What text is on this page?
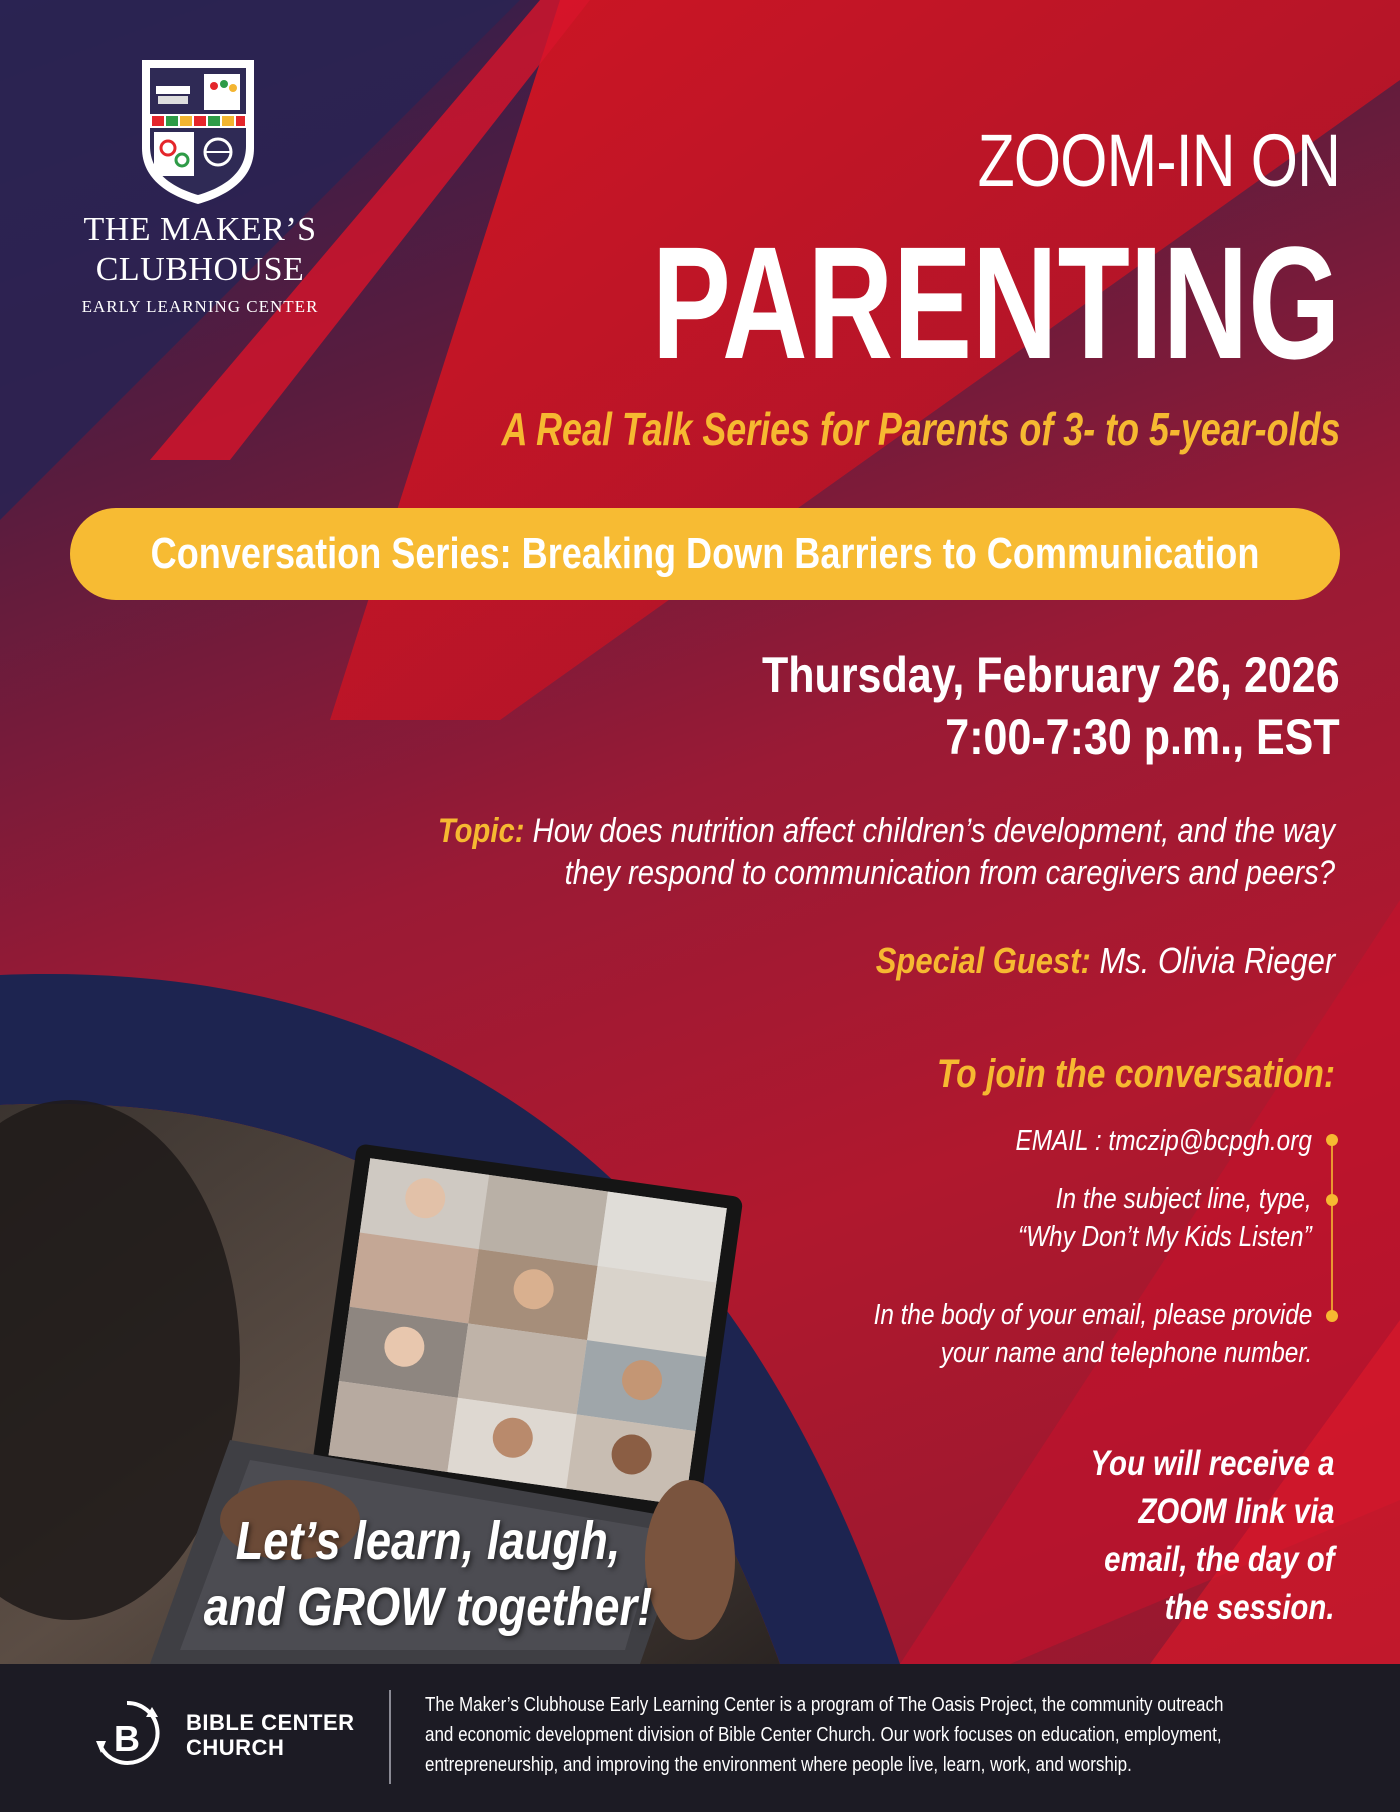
THE MAKER’S
CLUBHOUSE
EARLY LEARNING CENTER
ZOOM-IN ON
PARENTING
A Real Talk Series for Parents of 3- to 5-year-olds
Conversation Series: Breaking Down Barriers to Communication
Thursday, February 26, 2026
7:00-7:30 p.m., EST
Topic: How does nutrition affect children’s development, and the way
they respond to communication from caregivers and peers?
Special Guest: Ms. Olivia Rieger
To join the conversation:
EMAIL : tmczip@bcpgh.org
In the subject line, type,
“Why Don’t My Kids Listen”
In the body of your email, please provide
your name and telephone number.
You will receive a
ZOOM link via
email, the day of
the session.
Let’s learn, laugh,
and GROW together!
B BIBLE CENTER
CHURCH
The Maker’s Clubhouse Early Learning Center is a program of The Oasis Project, the community outreach
and economic development division of Bible Center Church. Our work focuses on education, employment,
entrepreneurship, and improving the environment where people live, learn, work, and worship.
